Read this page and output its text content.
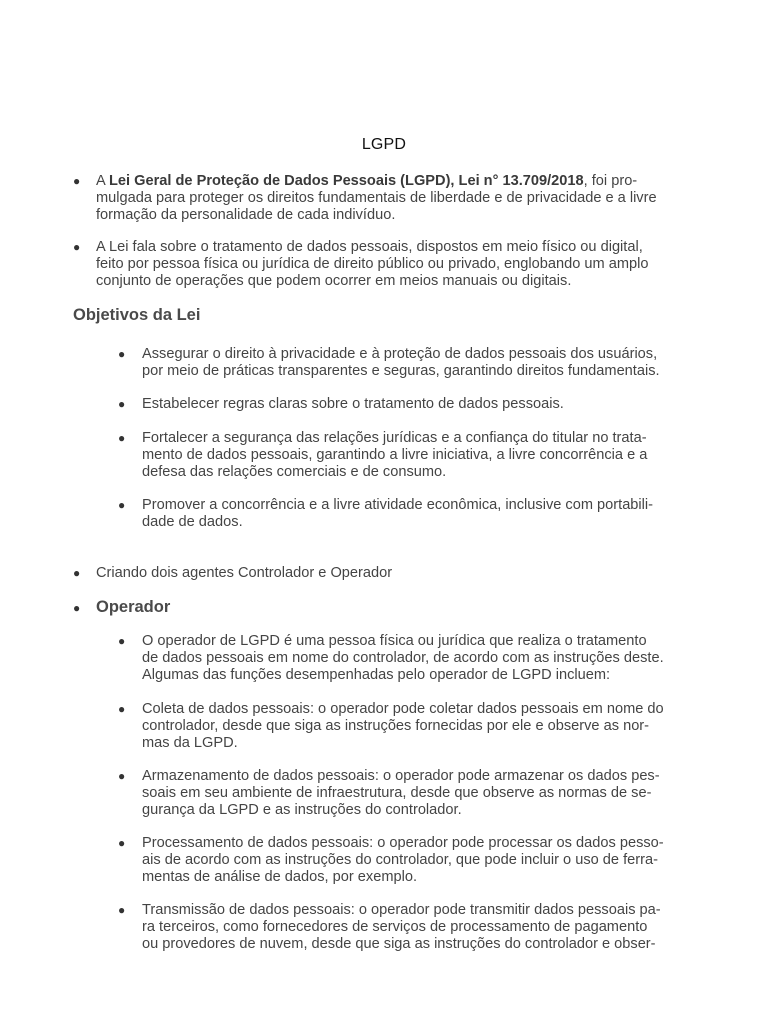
LGPD
● A Lei Geral de Proteção de Dados Pessoais (LGPD), Lei n° 13.709/2018, foi pro-
mulgada para proteger os direitos fundamentais de liberdade e de privacidade e a livre
formação da personalidade de cada indivíduo.
● A Lei fala sobre o tratamento de dados pessoais, dispostos em meio físico ou digital,
feito por pessoa física ou jurídica de direito público ou privado, englobando um amplo
conjunto de operações que podem ocorrer em meios manuais ou digitais.
Objetivos da Lei
● Assegurar o direito à privacidade e à proteção de dados pessoais dos usuários,
por meio de práticas transparentes e seguras, garantindo direitos fundamentais.
● Estabelecer regras claras sobre o tratamento de dados pessoais.
● Fortalecer a segurança das relações jurídicas e a confiança do titular no trata-
mento de dados pessoais, garantindo a livre iniciativa, a livre concorrência e a
defesa das relações comerciais e de consumo.
● Promover a concorrência e a livre atividade econômica, inclusive com portabili-
dade de dados.
● Criando dois agentes Controlador e Operador
● Operador
● O operador de LGPD é uma pessoa física ou jurídica que realiza o tratamento
de dados pessoais em nome do controlador, de acordo com as instruções deste.
Algumas das funções desempenhadas pelo operador de LGPD incluem:
● Coleta de dados pessoais: o operador pode coletar dados pessoais em nome do
controlador, desde que siga as instruções fornecidas por ele e observe as nor-
mas da LGPD.
● Armazenamento de dados pessoais: o operador pode armazenar os dados pes-
soais em seu ambiente de infraestrutura, desde que observe as normas de se-
gurança da LGPD e as instruções do controlador.
● Processamento de dados pessoais: o operador pode processar os dados pesso-
ais de acordo com as instruções do controlador, que pode incluir o uso de ferra-
mentas de análise de dados, por exemplo.
● Transmissão de dados pessoais: o operador pode transmitir dados pessoais pa-
ra terceiros, como fornecedores de serviços de processamento de pagamento
ou provedores de nuvem, desde que siga as instruções do controlador e obser-
